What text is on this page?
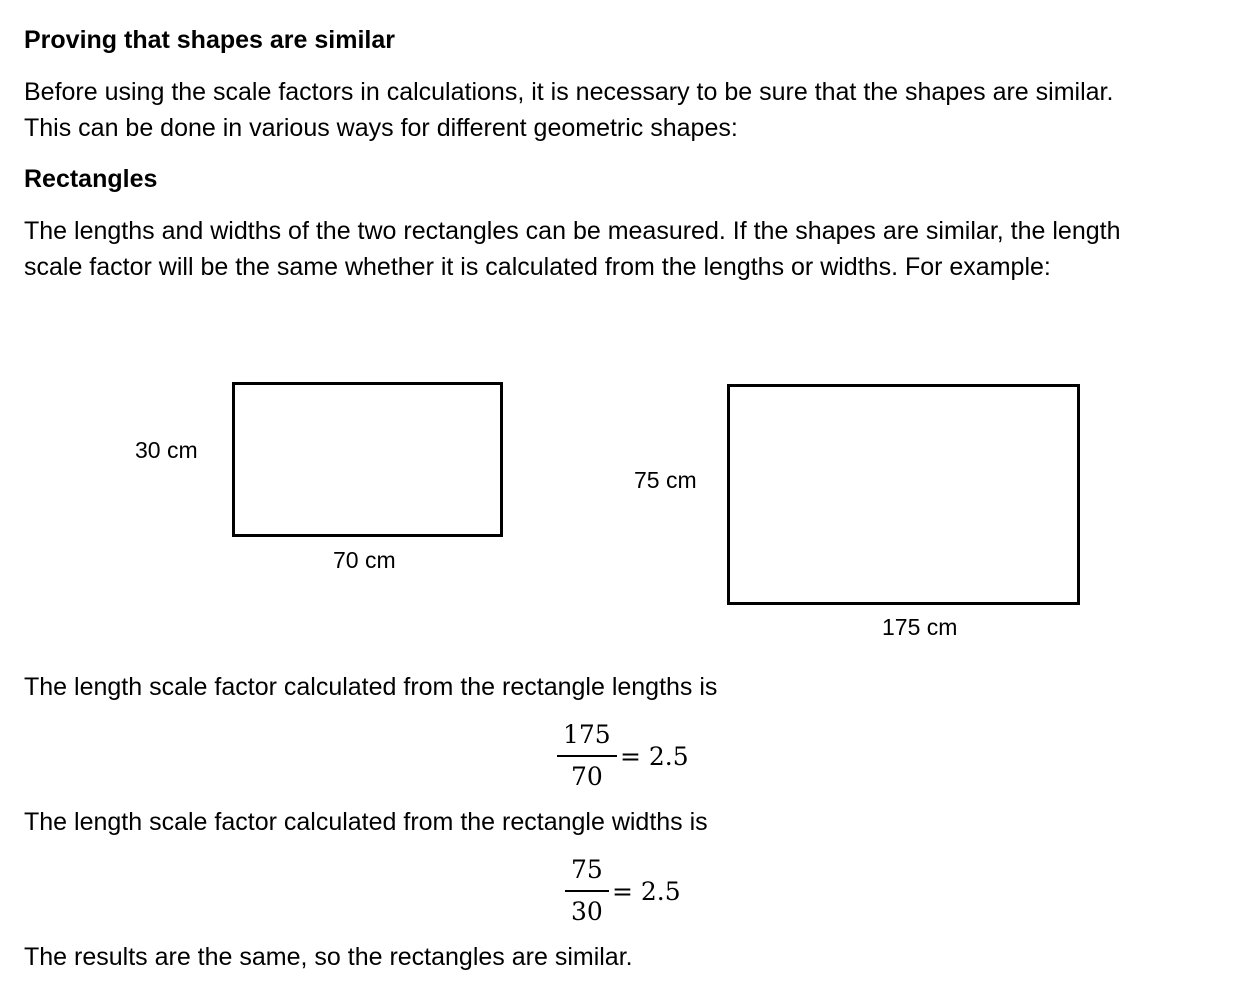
Proving that shapes are similar
Before using the scale factors in calculations, it is necessary to be sure that the shapes are similar.
This can be done in various ways for different geometric shapes:
Rectangles
The lengths and widths of the two rectangles can be measured. If the shapes are similar, the length
scale factor will be the same whether it is calculated from the lengths or widths. For example:
30 cm
70 cm
75 cm
175 cm
The length scale factor calculated from the rectangle lengths is
175
70
= 2.5
The length scale factor calculated from the rectangle widths is
75
30
= 2.5
The results are the same, so the rectangles are similar.
